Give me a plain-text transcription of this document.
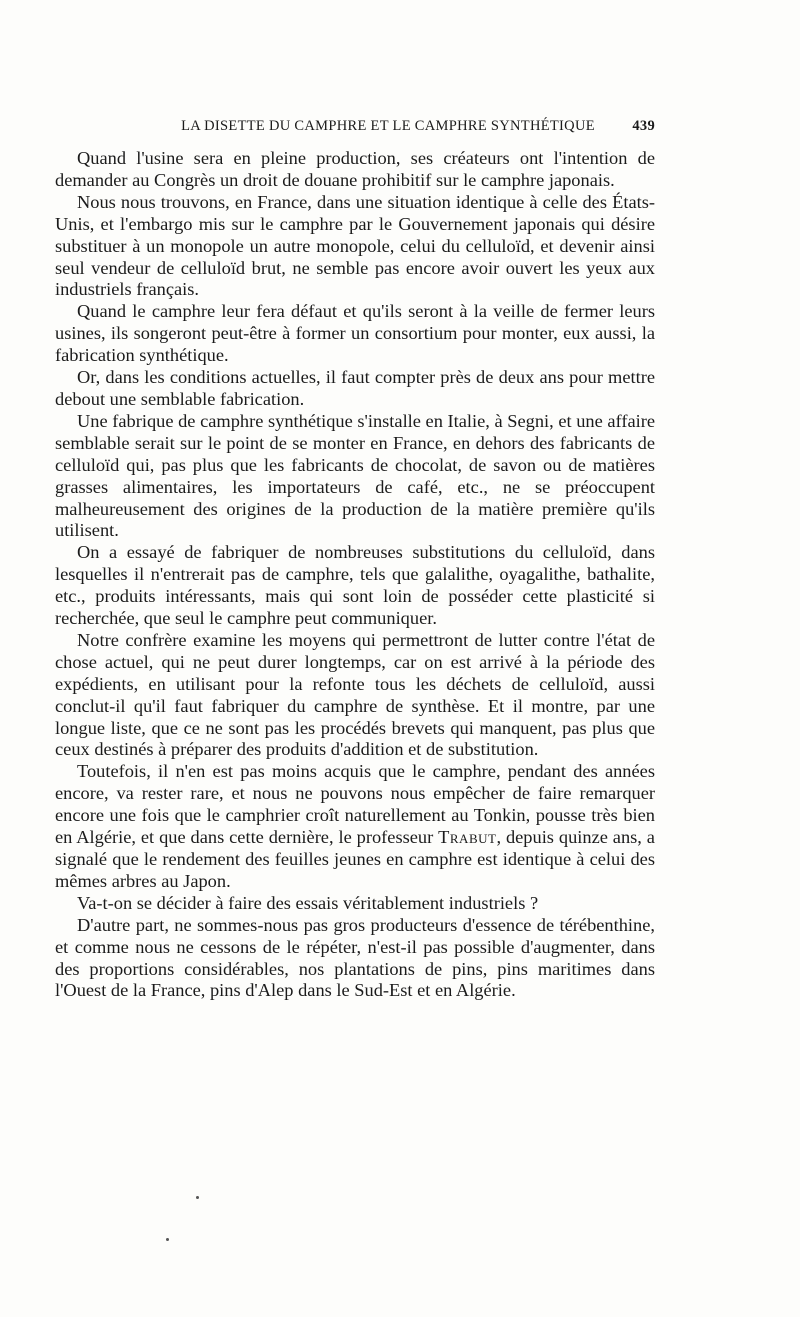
LA DISETTE DU CAMPHRE ET LE CAMPHRE SYNTHÉTIQUE	439

Quand l'usine sera en pleine production, ses créateurs ont l'intention de demander au Congrès un droit de douane prohibitif sur le camphre japonais.

Nous nous trouvons, en France, dans une situation identique à celle des États-Unis, et l'embargo mis sur le camphre par le Gouvernement japonais qui désire substituer à un monopole un autre monopole, celui du celluloïd, et devenir ainsi seul vendeur de celluloïd brut, ne semble pas encore avoir ouvert les yeux aux industriels français.

Quand le camphre leur fera défaut et qu'ils seront à la veille de fermer leurs usines, ils songeront peut-être à former un consortium pour monter, eux aussi, la fabrication synthétique.

Or, dans les conditions actuelles, il faut compter près de deux ans pour mettre debout une semblable fabrication.

Une fabrique de camphre synthétique s'installe en Italie, à Segni, et une affaire semblable serait sur le point de se monter en France, en dehors des fabricants de celluloïd qui, pas plus que les fabricants de chocolat, de savon ou de matières grasses alimentaires, les importateurs de café, etc., ne se préoccupent malheureusement des origines de la production de la matière première qu'ils utilisent.

On a essayé de fabriquer de nombreuses substitutions du celluloïd, dans lesquelles il n'entrerait pas de camphre, tels que galalithe, oyagalithe, bathalite, etc., produits intéressants, mais qui sont loin de posséder cette plasticité si recherchée, que seul le camphre peut communiquer.

Notre confrère examine les moyens qui permettront de lutter contre l'état de chose actuel, qui ne peut durer longtemps, car on est arrivé à la période des expédients, en utilisant pour la refonte tous les déchets de celluloïd, aussi conclut-il qu'il faut fabriquer du camphre de synthèse. Et il montre, par une longue liste, que ce ne sont pas les procédés brevets qui manquent, pas plus que ceux destinés à préparer des produits d'addition et de substitution.

Toutefois, il n'en est pas moins acquis que le camphre, pendant des années encore, va rester rare, et nous ne pouvons nous empêcher de faire remarquer encore une fois que le camphrier croît naturellement au Tonkin, pousse très bien en Algérie, et que dans cette dernière, le professeur Trabut, depuis quinze ans, a signalé que le rendement des feuilles jeunes en camphre est identique à celui des mêmes arbres au Japon.

Va-t-on se décider à faire des essais véritablement industriels ?

D'autre part, ne sommes-nous pas gros producteurs d'essence de térébenthine, et comme nous ne cessons de le répéter, n'est-il pas possible d'augmenter, dans des proportions considérables, nos plantations de pins, pins maritimes dans l'Ouest de la France, pins d'Alep dans le Sud-Est et en Algérie.
